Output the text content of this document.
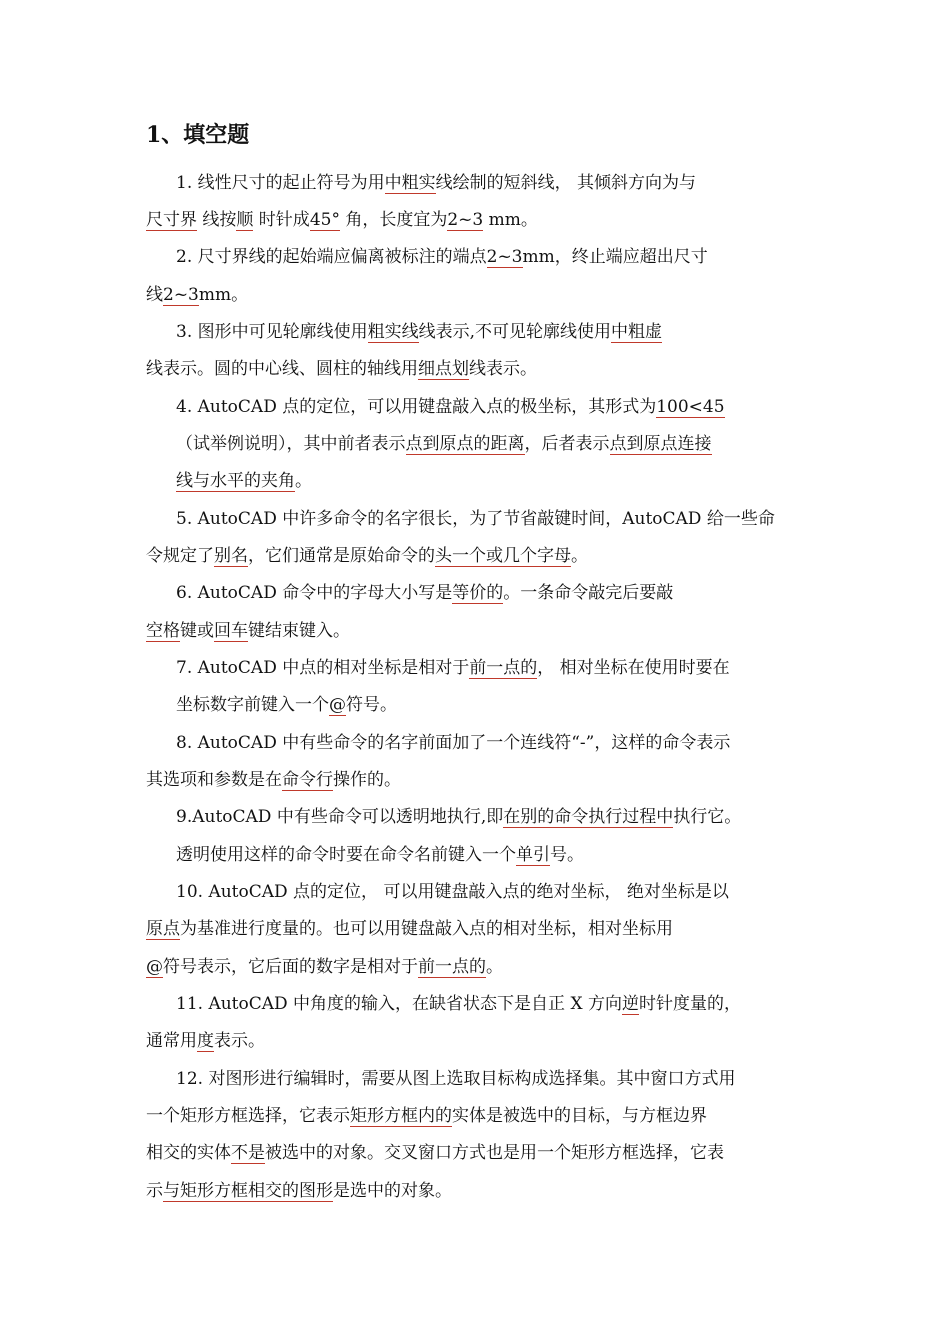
1、填空题
1. 线性尺寸的起止符号为用中粗实线绘制的短斜线， 其倾斜方向为与
尺寸界 线按顺 时针成45° 角，长度宜为2~3 mm。
2. 尺寸界线的起始端应偏离被标注的端点2~3mm，终止端应超出尺寸
线2~3mm。
3. 图形中可见轮廓线使用粗实线线表示,不可见轮廓线使用中粗虚
线表示。圆的中心线、圆柱的轴线用细点划线表示。
4. AutoCAD 点的定位，可以用键盘敲入点的极坐标，其形式为100<45
（试举例说明），其中前者表示点到原点的距离，后者表示点到原点连接
线与水平的夹角。
5. AutoCAD 中许多命令的名字很长，为了节省敲键时间，AutoCAD 给一些命
令规定了别名，它们通常是原始命令的头一个或几个字母。
6. AutoCAD 命令中的字母大小写是等价的。一条命令敲完后要敲
空格键或回车键结束键入。
7. AutoCAD 中点的相对坐标是相对于前一点的， 相对坐标在使用时要在
坐标数字前键入一个@符号。
8. AutoCAD 中有些命令的名字前面加了一个连线符“-”，这样的命令表示
其选项和参数是在命令行操作的。
9.AutoCAD 中有些命令可以透明地执行,即在别的命令执行过程中执行它。
透明使用这样的命令时要在命令名前键入一个单引号。
10. AutoCAD 点的定位， 可以用键盘敲入点的绝对坐标， 绝对坐标是以
原点为基准进行度量的。也可以用键盘敲入点的相对坐标，相对坐标用
@符号表示，它后面的数字是相对于前一点的。
11. AutoCAD 中角度的输入，在缺省状态下是自正 X 方向逆时针度量的，
通常用度表示。
12. 对图形进行编辑时，需要从图上选取目标构成选择集。其中窗口方式用
一个矩形方框选择，它表示矩形方框内的实体是被选中的目标，与方框边界
相交的实体不是被选中的对象。交叉窗口方式也是用一个矩形方框选择，它表
示与矩形方框相交的图形是选中的对象。
